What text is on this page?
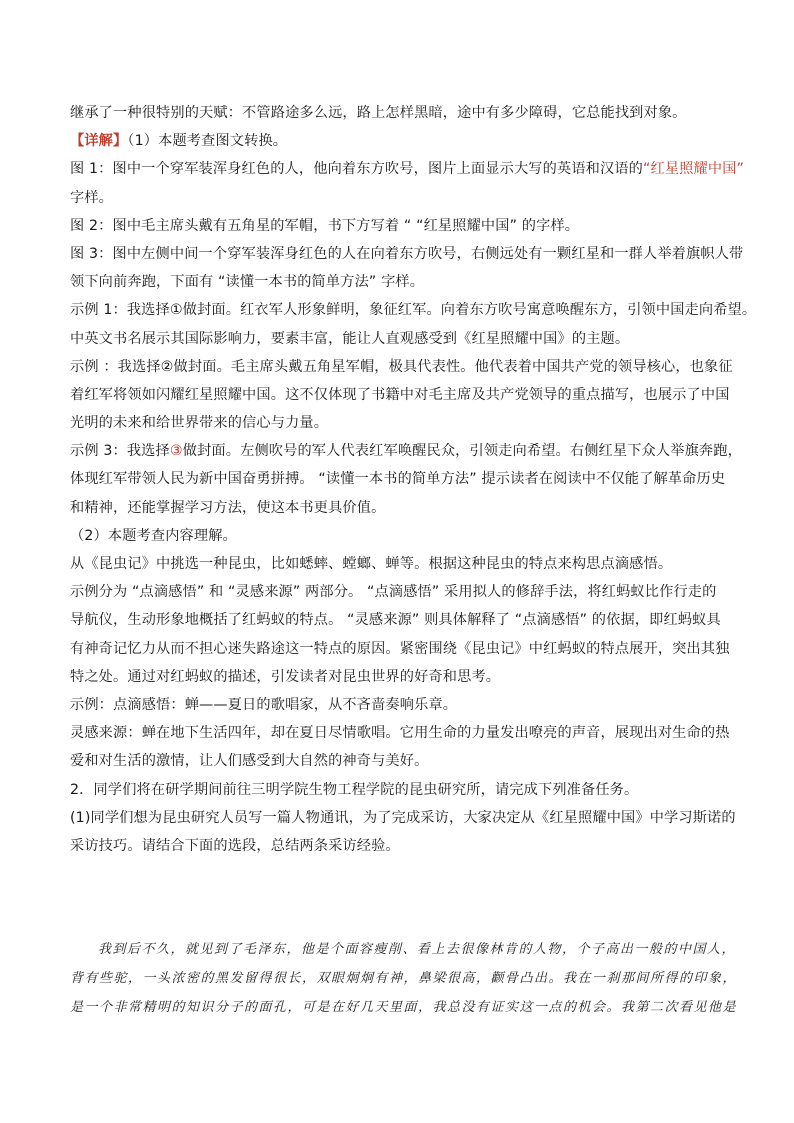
继承了一种很特别的天赋：不管路途多么远，路上怎样黑暗，途中有多少障碍，它总能找到对象。
【详解】（1）本题考查图文转换。
图 1：图中一个穿军装浑身红色的人，他向着东方吹号，图片上面显示大写的英语和汉语的“红星照耀中国”
字样。
图 2：图中毛主席头戴有五角星的军帽，书下方写着 “ “红星照耀中国” 的字样。
图 3：图中左侧中间一个穿军装浑身红色的人在向着东方吹号，右侧远处有一颗红星和一群人举着旗帜人带
领下向前奔跑，下面有 “读懂一本书的简单方法” 字样。
示例 1：我选择①做封面。红衣军人形象鲜明，象征红军。向着东方吹号寓意唤醒东方，引领中国走向希望。
中英文书名展示其国际影响力，要素丰富，能让人直观感受到《红星照耀中国》的主题。
示例 ：我选择②做封面。毛主席头戴五角星军帽，极具代表性。他代表着中国共产党的领导核心，也象征
着红军将领如闪耀红星照耀中国。这不仅体现了书籍中对毛主席及共产党领导的重点描写，也展示了中国
光明的未来和给世界带来的信心与力量。
示例 3：我选择③做封面。左侧吹号的军人代表红军唤醒民众，引领走向希望。右侧红星下众人举旗奔跑，
体现红军带领人民为新中国奋勇拼搏。 “读懂一本书的简单方法” 提示读者在阅读中不仅能了解革命历史
和精神，还能掌握学习方法，使这本书更具价值。
（2）本题考查内容理解。
从《昆虫记》中挑选一种昆虫，比如蟋蟀、螳螂、蝉等。根据这种昆虫的特点来构思点滴感悟。
示例分为 “点滴感悟” 和 “灵感来源” 两部分。 “点滴感悟” 采用拟人的修辞手法，将红蚂蚁比作行走的
导航仪，生动形象地概括了红蚂蚁的特点。 “灵感来源” 则具体解释了 “点滴感悟” 的依据，即红蚂蚁具
有神奇记忆力从而不担心迷失路途这一特点的原因。紧密围绕《昆虫记》中红蚂蚁的特点展开，突出其独
特之处。通过对红蚂蚁的描述，引发读者对昆虫世界的好奇和思考。
示例：点滴感悟：蝉——夏日的歌唱家，从不吝啬奏响乐章。
灵感来源：蝉在地下生活四年，却在夏日尽情歌唱。它用生命的力量发出嘹亮的声音，展现出对生命的热
爱和对生活的激情，让人们感受到大自然的神奇与美好。
2．同学们将在研学期间前往三明学院生物工程学院的昆虫研究所，请完成下列准备任务。
(1)同学们想为昆虫研究人员写一篇人物通讯，为了完成采访，大家决定从《红星照耀中国》中学习斯诺的
采访技巧。请结合下面的选段，总结两条采访经验。
我到后不久，就见到了毛泽东，他是个面容瘦削、看上去很像林肯的人物，个子高出一般的中国人，
背有些驼，一头浓密的黑发留得很长，双眼炯炯有神，鼻梁很高，颧骨凸出。我在一刹那间所得的印象，
是一个非常精明的知识分子的面孔，可是在好几天里面，我总没有证实这一点的机会。我第二次看见他是
